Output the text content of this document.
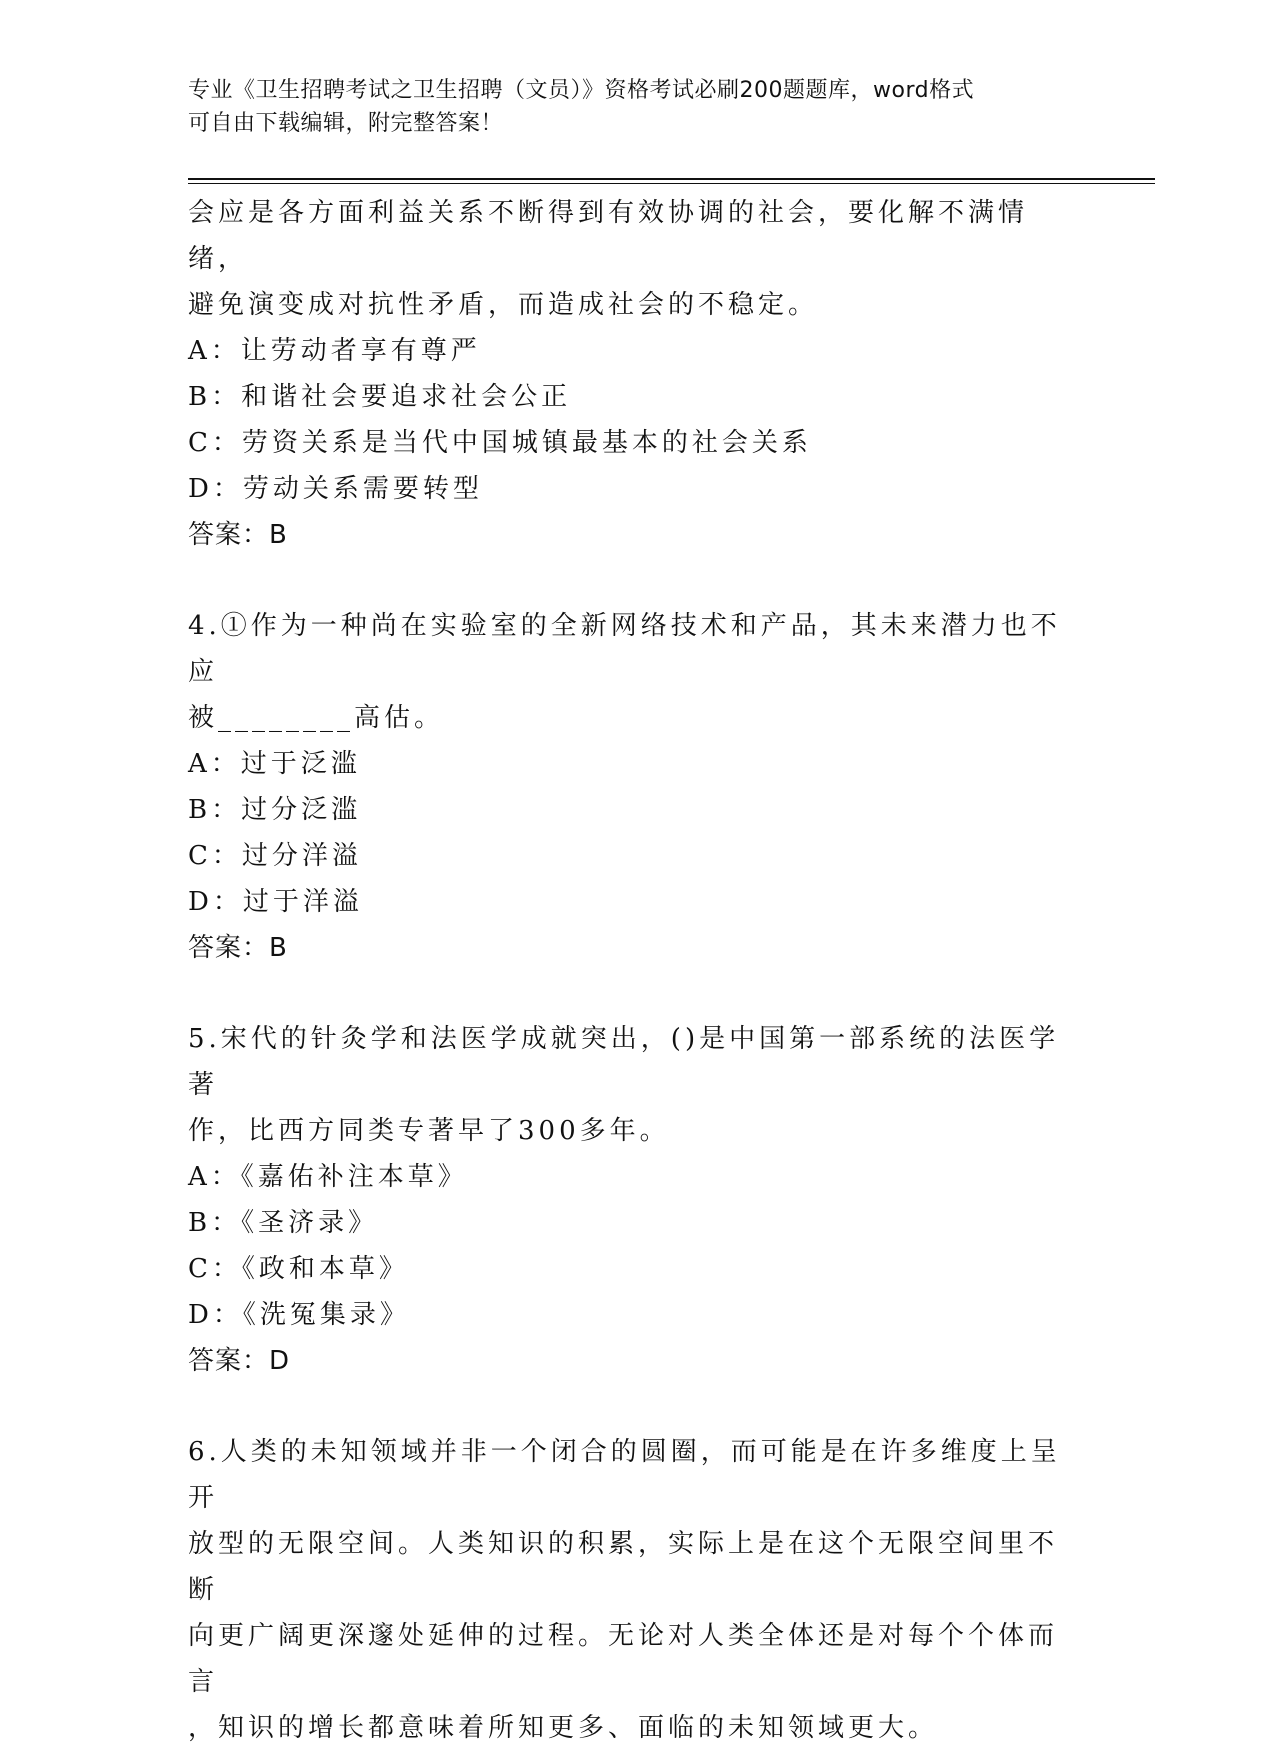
专业《卫生招聘考试之卫生招聘（文员）》资格考试必刷200题题库，word格式
可自由下载编辑，附完整答案！
会应是各方面利益关系不断得到有效协调的社会，要化解不满情绪，
避免演变成对抗性矛盾，而造成社会的不稳定。
A：让劳动者享有尊严
B：和谐社会要追求社会公正
C：劳资关系是当代中国城镇最基本的社会关系
D：劳动关系需要转型
答案：B
4.①作为一种尚在实验室的全新网络技术和产品，其未来潜力也不应
被________高估。
A：过于泛滥
B：过分泛滥
C：过分洋溢
D：过于洋溢
答案：B
5.宋代的针灸学和法医学成就突出，()是中国第一部系统的法医学著
作，比西方同类专著早了300多年。
A：《嘉佑补注本草》
B：《圣济录》
C：《政和本草》
D：《洗冤集录》
答案：D
6.人类的未知领域并非一个闭合的圆圈，而可能是在许多维度上呈开
放型的无限空间。人类知识的积累，实际上是在这个无限空间里不断
向更广阔更深邃处延伸的过程。无论对人类全体还是对每个个体而言
，知识的增长都意味着所知更多、面临的未知领域更大。
